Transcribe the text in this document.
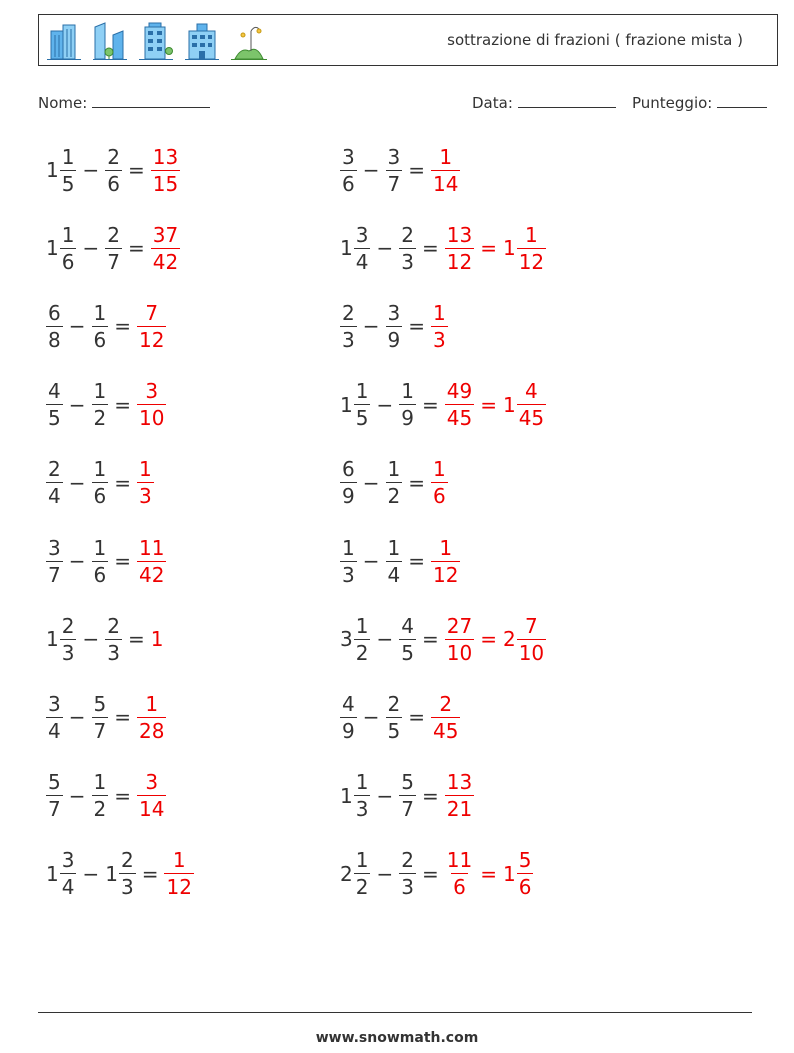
sottrazione di frazioni ( frazione mista )
Nome:	Data:	Punteggio:
$1 \frac{1}{5} - \frac{2}{6} = \frac{13}{15}$	$\frac{3}{6} - \frac{3}{7} = \frac{1}{14}$
$1 \frac{1}{6} - \frac{2}{7} = \frac{37}{42}$	$1 \frac{3}{4} - \frac{2}{3} = \frac{13}{12} = 1 \frac{1}{12}$
$\frac{6}{8} - \frac{1}{6} = \frac{7}{12}$	$\frac{2}{3} - \frac{3}{9} = \frac{1}{3}$
$\frac{4}{5} - \frac{1}{2} = \frac{3}{10}$	$1 \frac{1}{5} - \frac{1}{9} = \frac{49}{45} = 1 \frac{4}{45}$
$\frac{2}{4} - \frac{1}{6} = \frac{1}{3}$	$\frac{6}{9} - \frac{1}{2} = \frac{1}{6}$
$\frac{3}{7} - \frac{1}{6} = \frac{11}{42}$	$\frac{1}{3} - \frac{1}{4} = \frac{1}{12}$
$1 \frac{2}{3} - \frac{2}{3} = 1$	$3 \frac{1}{2} - \frac{4}{5} = \frac{27}{10} = 2 \frac{7}{10}$
$\frac{3}{4} - \frac{5}{7} = \frac{1}{28}$	$\frac{4}{9} - \frac{2}{5} = \frac{2}{45}$
$\frac{5}{7} - \frac{1}{2} = \frac{3}{14}$	$1 \frac{1}{3} - \frac{5}{7} = \frac{13}{21}$
$1 \frac{3}{4} - 1 \frac{2}{3} = \frac{1}{12}$	$2 \frac{1}{2} - \frac{2}{3} = \frac{11}{6} = 1 \frac{5}{6}$
www.snowmath.com
